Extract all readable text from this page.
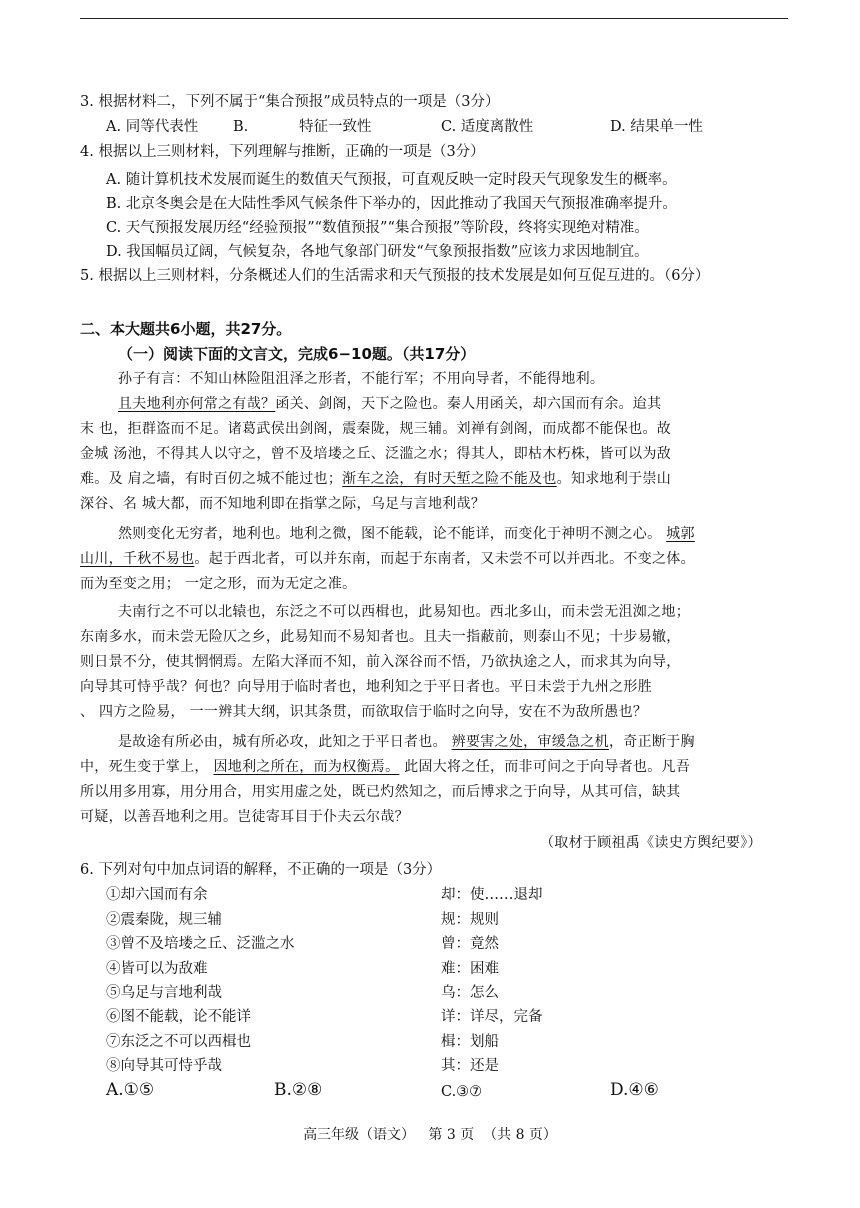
3. 根据材料二，下列不属于“集合预报”成员特点的一项是（3分）
A. 同等代表性 B.	特征一致性	C. 适度离散性	D. 结果单一性
4. 根据以上三则材料，下列理解与推断，正确的一项是（3分）
A. 随计算机技术发展而诞生的数值天气预报，可直观反映一定时段天气现象发生的概率。
B. 北京冬奥会是在大陆性季风气候条件下举办的，因此推动了我国天气预报准确率提升。
C. 天气预报发展历经“经验预报”“数值预报”“集合预报”等阶段，终将实现绝对精准。
D. 我国幅员辽阔，气候复杂，各地气象部门研发“气象预报指数”应该力求因地制宜。
5. 根据以上三则材料，分条概述人们的生活需求和天气预报的技术发展是如何互促互进的。（6分）
二、本大题共6小题，共27分。
（一）阅读下面的文言文，完成6−10题。（共17分）
孙子有言：不知山林险阻沮泽之形者，不能行军；不用向导者，不能得地利。
且夫地利亦何常之有哉？函关、剑阁，天下之险也。秦人用函关，却六国而有余。迨其
末 也，拒群盗而不足。诸葛武侯出剑阁，震秦陇，规三辅。刘禅有剑阁，而成都不能保也。故
金城 汤池，不得其人以守之，曾不及培𪣻之丘、泛滥之水；得其人，即枯木朽株，皆可以为敌
难。及 肩之墙，有时百仞之城不能过也；渐车之浍，有时天堑之险不能及也。知求地利于崇山
深谷、名 城大都，而不知地利即在指掌之际，乌足与言地利哉？
然则变化无穷者，地利也。地利之微，图不能载，论不能详，而变化于神明不测之心。 城郭
山川，千秋不易也。起于西北者，可以并东南，而起于东南者，又未尝不可以并西北。不变之体。
而为至变之用； 一定之形，而为无定之准。
夫南行之不可以北辕也，东泛之不可以西楫也，此易知也。西北多山，而未尝无沮洳之地；
东南多水，而未尝无险仄之乡，此易知而不易知者也。且夫一指蔽前，则泰山不见；十步易辙，
则日景不分，使其惘惘焉。左陷大泽而不知，前入深谷而不悟，乃欲执途之人，而求其为向导，
向导其可恃乎哉？何也？向导用于临时者也，地利知之于平日者也。平日未尝于九州之形胜
、 四方之险易， 一一辨其大纲，识其条贯，而欲取信于临时之向导，安在不为敌所愚也？
是故途有所必由，城有所必攻，此知之于平日者也。 辨要害之处，审缓急之机，奇正断于胸
中，死生变于掌上， 因地利之所在，而为权衡焉。 此固大将之任，而非可问之于向导者也。凡吾
所以用多用寡，用分用合，用实用虚之处，既已灼然知之，而后博求之于向导，从其可信，缺其
可疑，以善吾地利之用。岂徒寄耳目于仆夫云尔哉？
（取材于顾祖禹《读史方舆纪要》）
6. 下列对句中加点词语的解释，不正确的一项是（3分）
①却六国而有余	却：使……退却
②震秦陇，规三辅	规：规则
③曾不及培𪣻之丘、泛滥之水	曾：竟然
④皆可以为敌难	难：困难
⑤乌足与言地利哉	乌：怎么
⑥图不能载，论不能详	详：详尽，完备
⑦东泛之不可以西楫也	楫：划船
⑧向导其可恃乎哉	其：还是
A.①⑤	B.②⑧	C.③⑦	D.④⑥
高三年级（语文）   第 3 页  （共 8 页）
